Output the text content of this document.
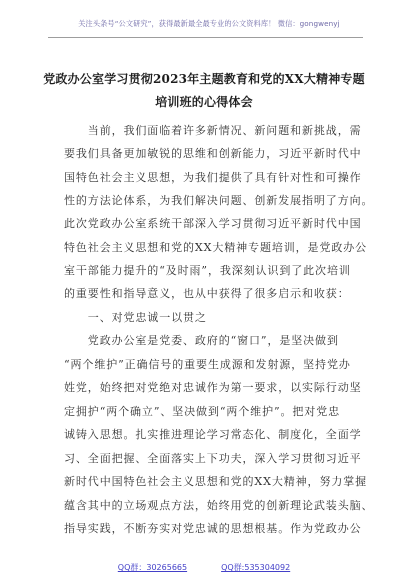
关注头条号“公文研究”，获得最新最全最专业的公文资料库！ 微信：gongwenyj
党政办公室学习贯彻2023年主题教育和党的XX大精神专题
培训班的心得体会
　　当前，我们面临着许多新情况、新问题和新挑战，需
要我们具备更加敏锐的思维和创新能力，习近平新时代中
国特色社会主义思想，为我们提供了具有针对性和可操作
性的方法论体系，为我们解决问题、创新发展指明了方向。
此次党政办公室系统干部深入学习贯彻习近平新时代中国
特色社会主义思想和党的XX大精神专题培训，是党政办公
室干部能力提升的“及时雨”，我深刻认识到了此次培训
的重要性和指导意义，也从中获得了很多启示和收获：
　　一、对党忠诚一以贯之
　　党政办公室是党委、政府的“窗口”，是坚决做到
“两个维护”正确信号的重要生成源和发射源，坚持党办
姓党，始终把对党绝对忠诚作为第一要求，以实际行动坚
定拥护“两个确立”、坚决做到“两个维护”。把对党忠
诚铸入思想。扎实推进理论学习常态化、制度化，全面学
习、全面把握、全面落实上下功夫，深入学习贯彻习近平
新时代中国特色社会主义思想和党的XX大精神，努力掌握
蕴含其中的立场观点方法，始终用党的创新理论武装头脑、
指导实践，不断夯实对党忠诚的思想根基。作为党政办公
QQ群：30265665	QQ群:535304092
